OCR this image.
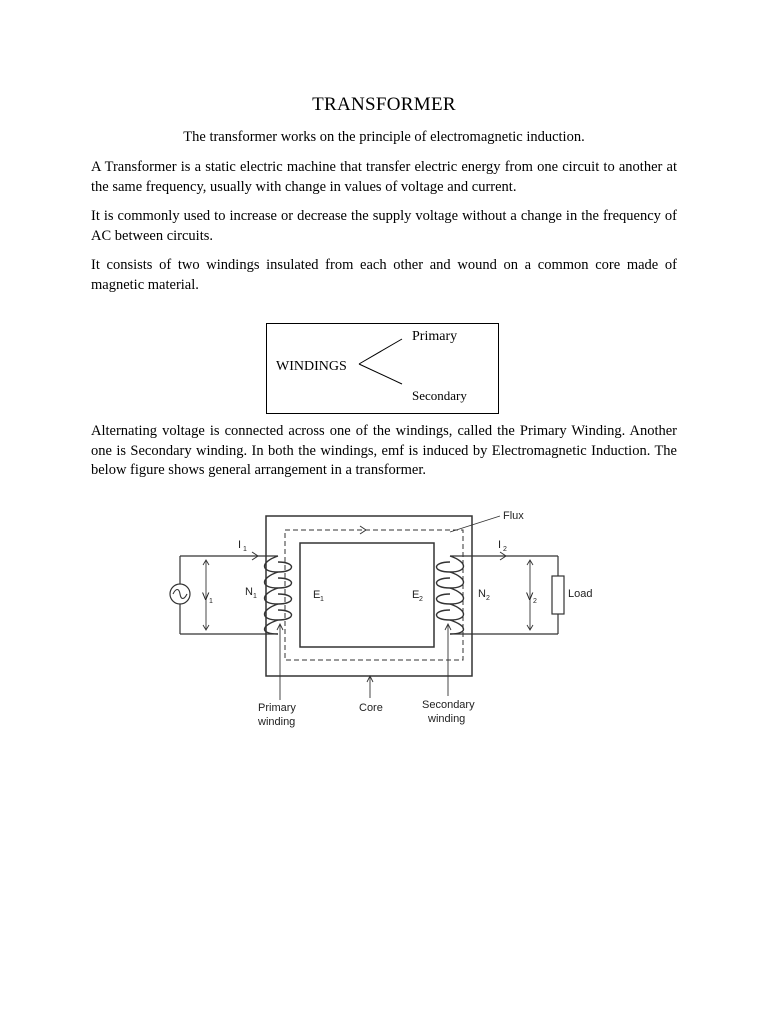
TRANSFORMER
The transformer works on the principle of electromagnetic induction.

A Transformer is a static electric machine that transfer electric energy from one circuit to another at the same frequency, usually with change in values of voltage and current.

It is commonly used to increase or decrease the supply voltage without a change in the frequency of AC between circuits.

It consists of two windings insulated from each other and wound on a common core made of magnetic material.

WINDINGS
Primary
Secondary

Alternating voltage is connected across one of the windings, called the Primary Winding. Another one is Secondary winding. In both the windings, emf is induced by Electromagnetic Induction. The below figure shows general arrangement in a transformer.

Flux
I 1	I 2
V 1	V 2
N 1	N 2
E 1	E 2	Load
Primary
winding
Core	Secondary
winding
